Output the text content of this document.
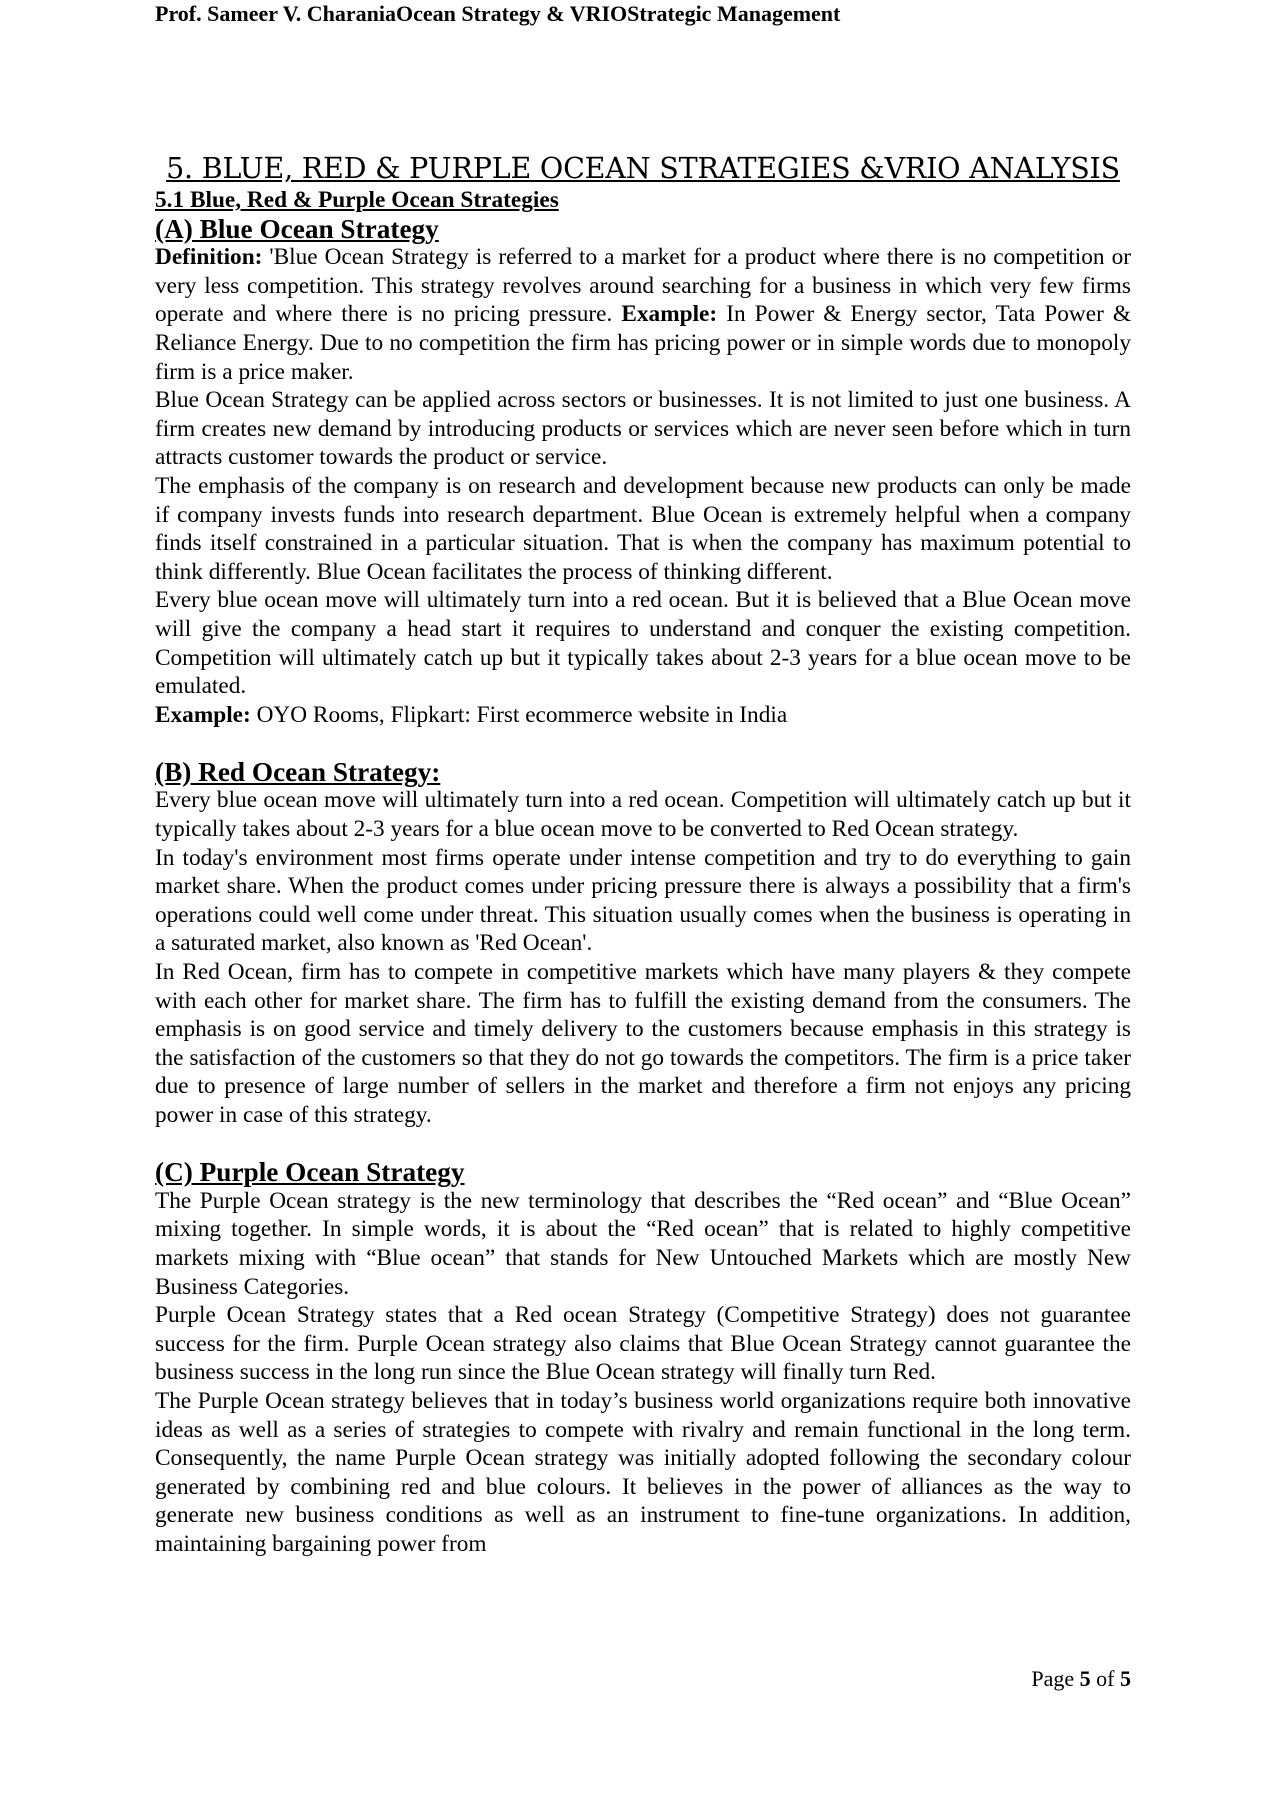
Prof. Sameer V. CharaniaOcean Strategy & VRIOStrategic Management
5. BLUE, RED & PURPLE OCEAN STRATEGIES &VRIO ANALYSIS
5.1 Blue, Red & Purple Ocean Strategies
(A) Blue Ocean Strategy

Definition: 'Blue Ocean Strategy is referred to a market for a product where there is no competition or very less competition. This strategy revolves around searching for a business in which very few firms operate and where there is no pricing pressure. Example: In Power & Energy sector, Tata Power & Reliance Energy. Due to no competition the firm has pricing power or in simple words due to monopoly firm is a price maker.

Blue Ocean Strategy can be applied across sectors or businesses. It is not limited to just one business. A firm creates new demand by introducing products or services which are never seen before which in turn attracts customer towards the product or service.

The emphasis of the company is on research and development because new products can only be made if company invests funds into research department. Blue Ocean is extremely helpful when a company finds itself constrained in a particular situation. That is when the company has maximum potential to think differently. Blue Ocean facilitates the process of thinking different.

Every blue ocean move will ultimately turn into a red ocean. But it is believed that a Blue Ocean move will give the company a head start it requires to understand and conquer the existing competition. Competition will ultimately catch up but it typically takes about 2-3 years for a blue ocean move to be emulated.

Example: OYO Rooms, Flipkart: First ecommerce website in India

(B) Red Ocean Strategy:

Every blue ocean move will ultimately turn into a red ocean. Competition will ultimately catch up but it typically takes about 2-3 years for a blue ocean move to be converted to Red Ocean strategy.

In today's environment most firms operate under intense competition and try to do everything to gain market share. When the product comes under pricing pressure there is always a possibility that a firm's operations could well come under threat. This situation usually comes when the business is operating in a saturated market, also known as 'Red Ocean'.

In Red Ocean, firm has to compete in competitive markets which have many players & they compete with each other for market share. The firm has to fulfill the existing demand from the consumers. The emphasis is on good service and timely delivery to the customers because emphasis in this strategy is the satisfaction of the customers so that they do not go towards the competitors. The firm is a price taker due to presence of large number of sellers in the market and therefore a firm not enjoys any pricing power in case of this strategy.

(C) Purple Ocean Strategy

The Purple Ocean strategy is the new terminology that describes the “Red ocean” and “Blue Ocean” mixing together. In simple words, it is about the “Red ocean” that is related to highly competitive markets mixing with “Blue ocean” that stands for New Untouched Markets which are mostly New Business Categories.

Purple Ocean Strategy states that a Red ocean Strategy (Competitive Strategy) does not guarantee success for the firm. Purple Ocean strategy also claims that Blue Ocean Strategy cannot guarantee the business success in the long run since the Blue Ocean strategy will finally turn Red.

The Purple Ocean strategy believes that in today’s business world organizations require both innovative ideas as well as a series of strategies to compete with rivalry and remain functional in the long term. Consequently, the name Purple Ocean strategy was initially adopted following the secondary colour generated by combining red and blue colours. It believes in the power of alliances as the way to generate new business conditions as well as an instrument to fine-tune organizations. In addition, maintaining bargaining power from

Page 5 of 5
